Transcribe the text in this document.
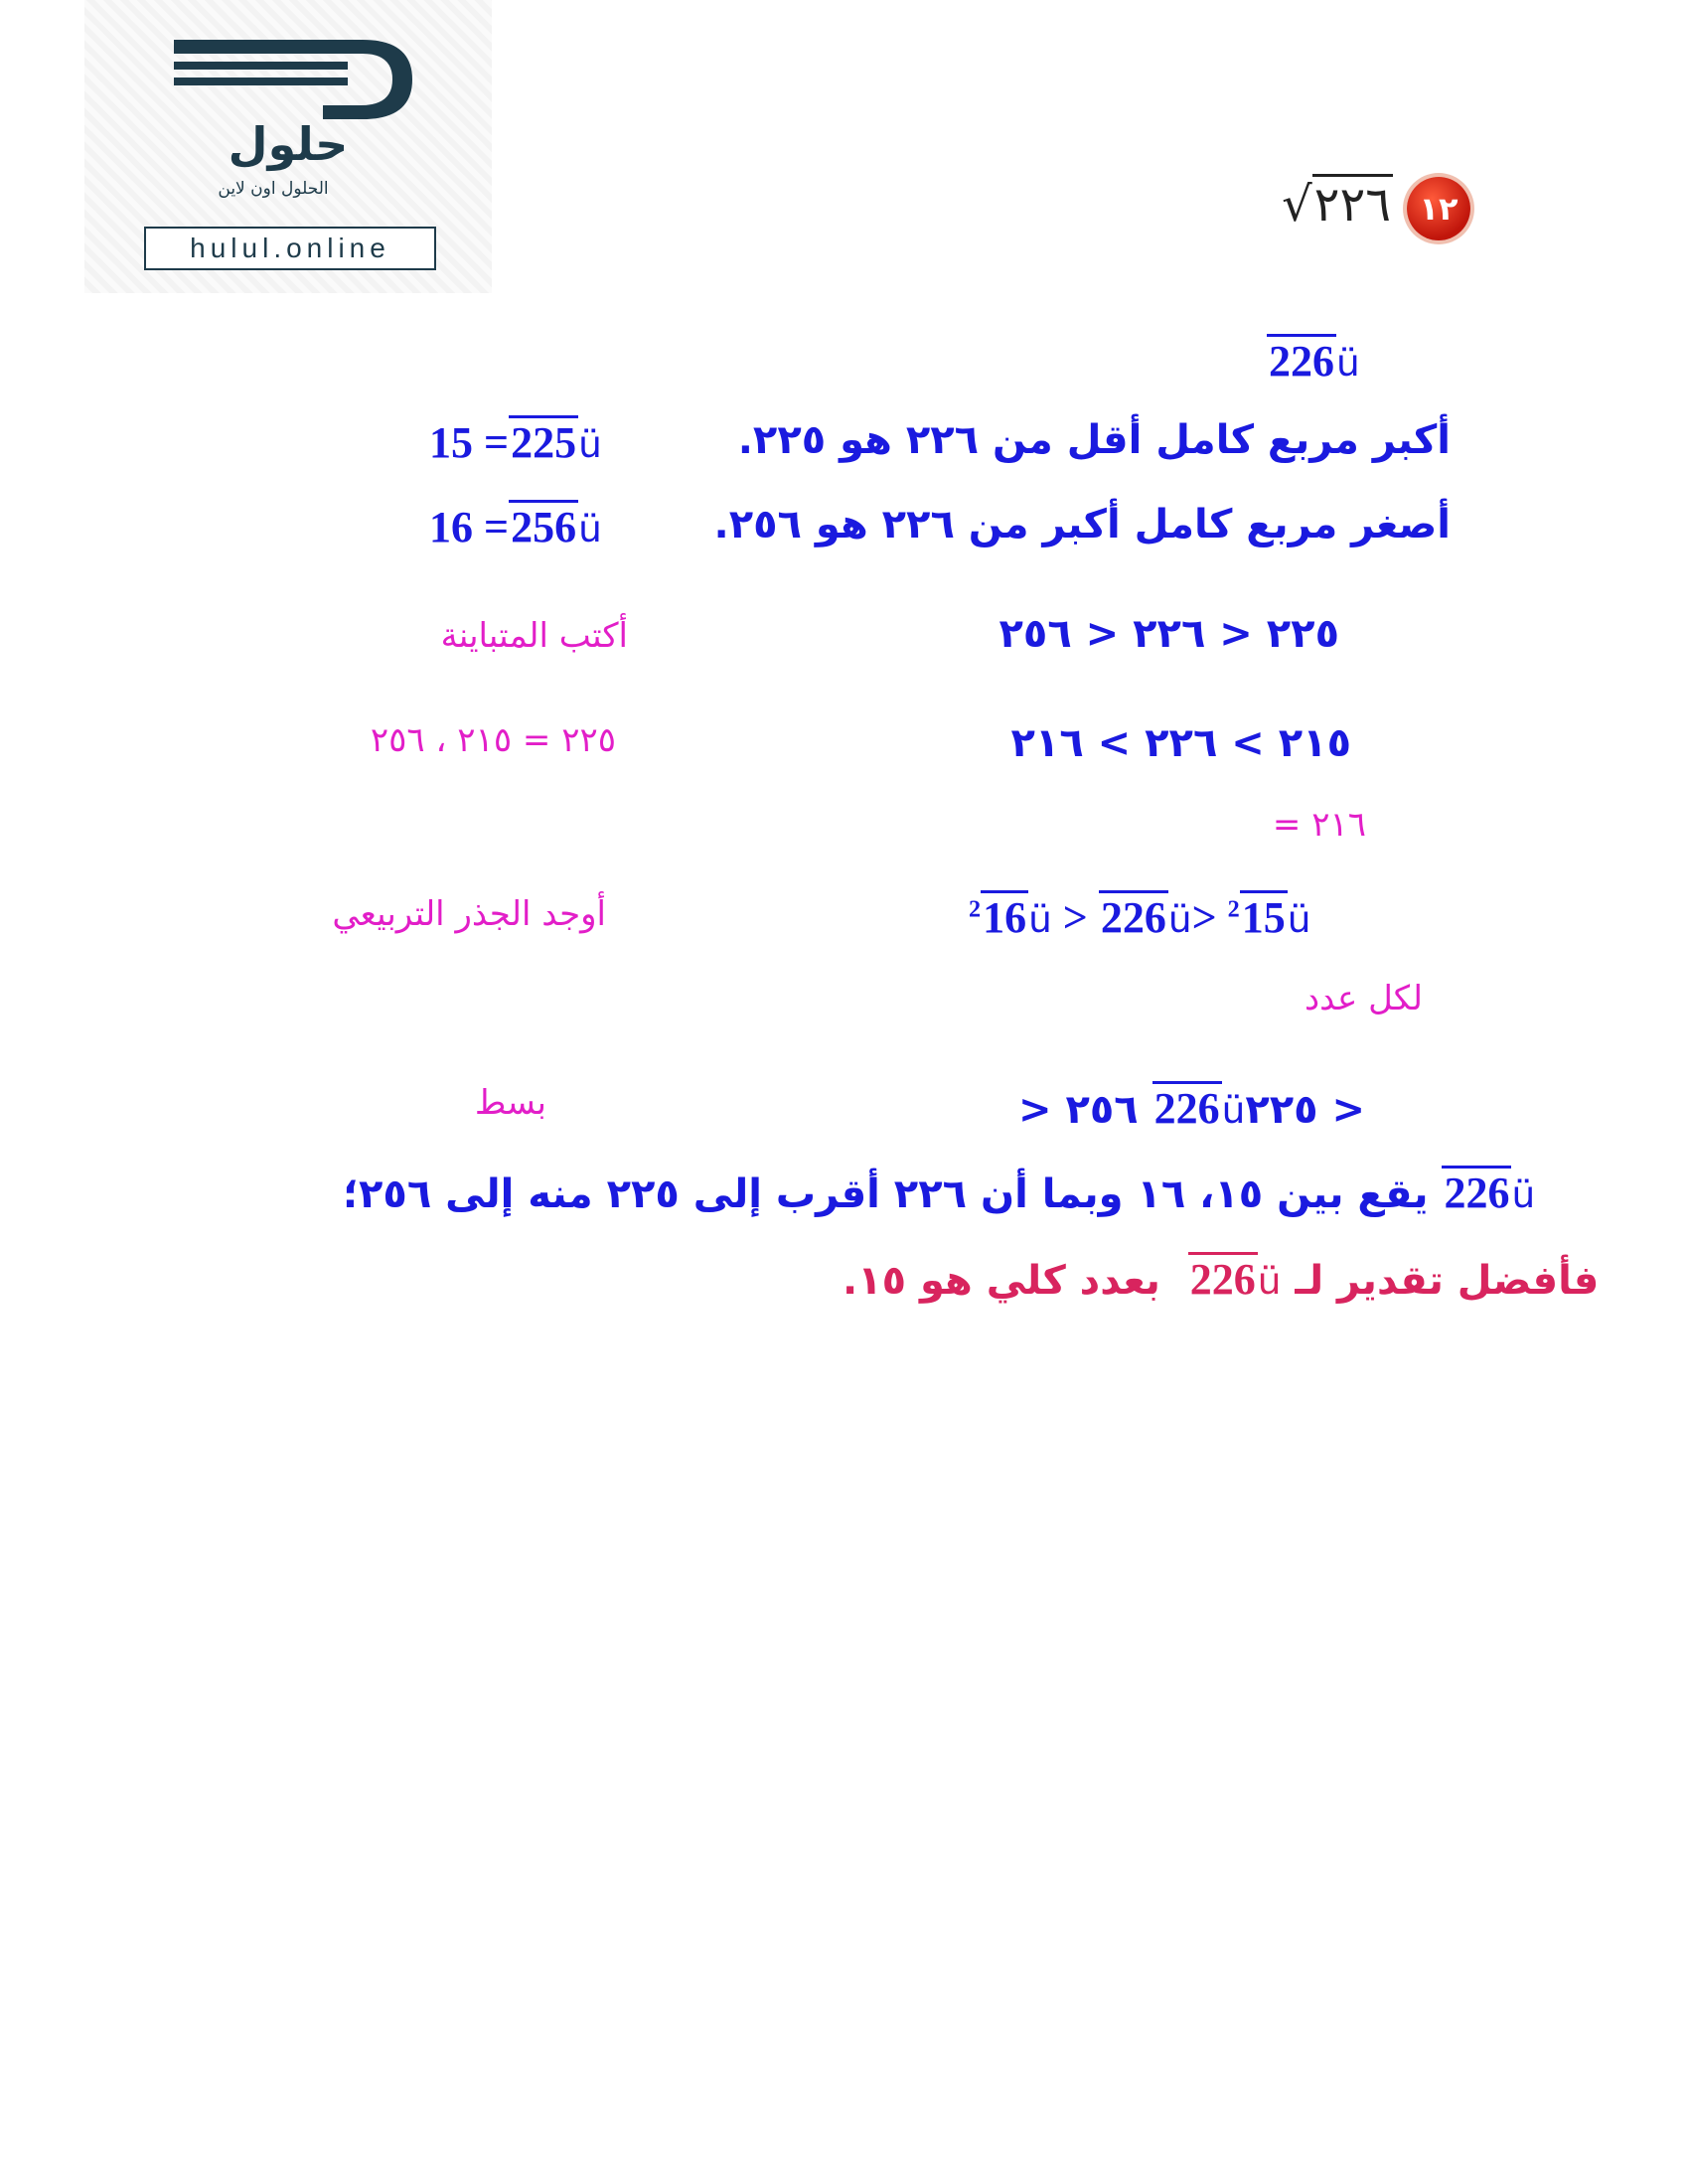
حلول
الحلول اون لاين
hulul.online
√٢٢٦ ١٢
226ü
أكبر مربع كامل أقل من ٢٢٦ هو ٢٢٥.
15 =225ü
أصغر مربع كامل أكبر من ٢٢٦ هو ٢٥٦.
16 =256ü
أكتب المتباينة	٢٢٥ < ٢٢٦ < ٢٥٦
٢٢٥ = ٢١٥ ، ٢٥٦	٢١٥ > ٢٢٦ > ٢١٦
= ٢١٦
أوجد الجذر التربيعي	$^2$16ü > 226ü> $^2$15ü
لكل عدد
بسط	> ٢٥٦ 226ü٢٢٥ >
يقع بين ١٥، ١٦ وبما أن ٢٢٦ أقرب إلى ٢٢٥ منه إلى ٢٥٦؛ 226ü
بعدد كلي هو ١٥. 226ü فأفضل تقدير لـ
